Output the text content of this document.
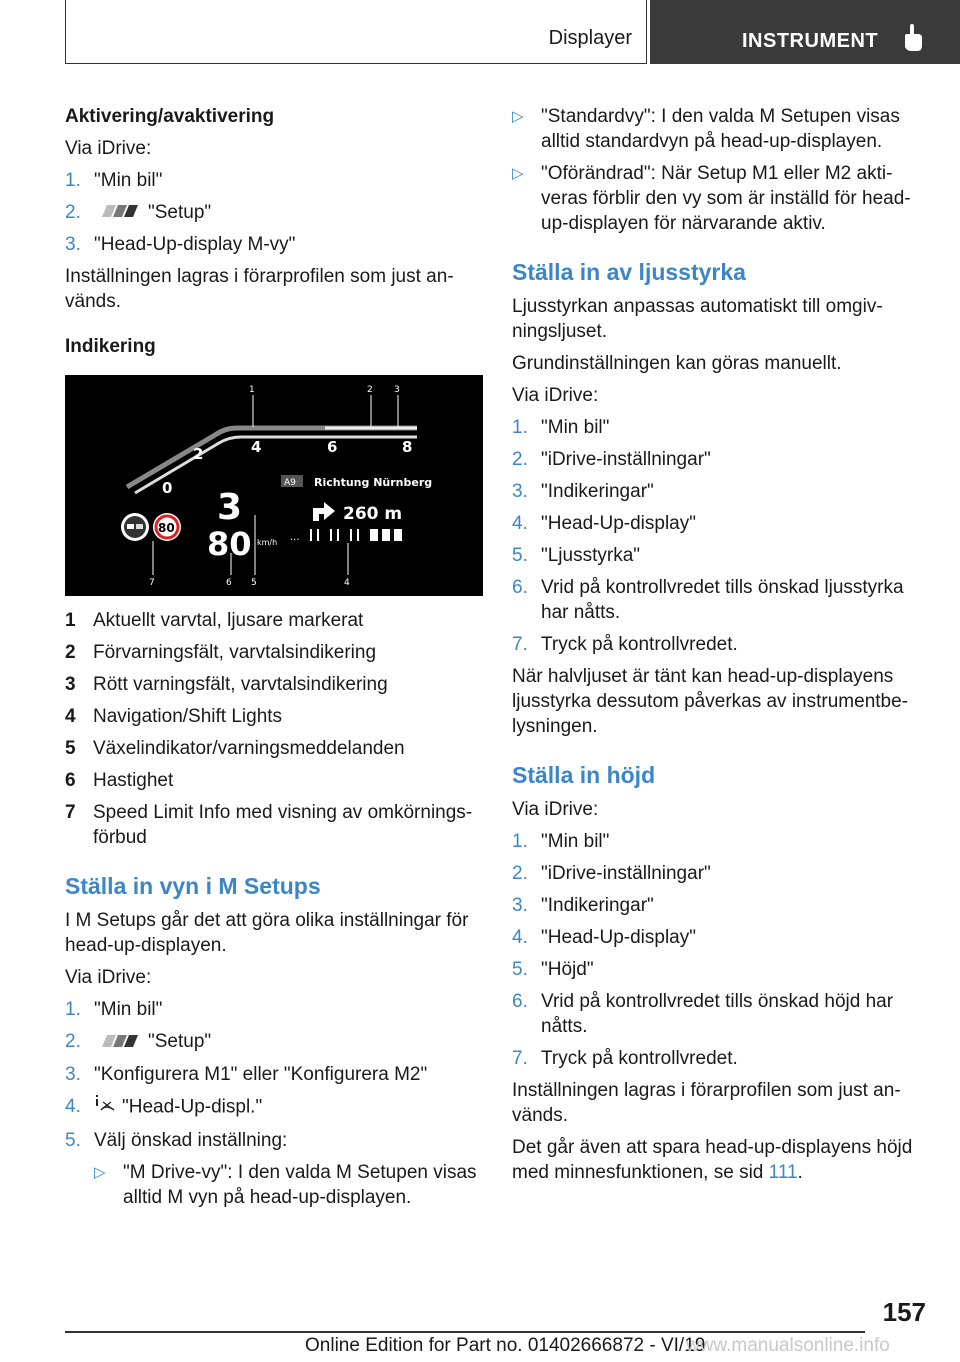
Displayer	INSTRUMENT

Aktivering/avaktivering

Via iDrive:

1. "Min bil"
2.	"Setup"
3. "Head-Up-display M-vy"

Inställningen lagras i förarprofilen som just används.

Indikering

0
2	4	6	8
1	2 3
3
80 km/h
80
A9 Richtung Nürnberg
260 m
...
7	6 5	4
1 Aktuellt varvtal, ljusare markerat
2 Förvarningsfält, varvtalsindikering
3 Rött varningsfält, varvtalsindikering
4 Navigation/Shift Lights
5 Växelindikator/varningsmeddelanden
6 Hastighet
7 Speed Limit Info med visning av omkörningsförbud
Ställa in vyn i M Setups

I M Setups går det att göra olika inställningar för head-up-displayen.

Via iDrive:

1. "Min bil"
2.	"Setup"
3. "Konfigurera M1" eller "Konfigurera M2"
4. "Head-Up-displ."
5. Välj önskad inställning:
▷ "M Drive-vy": I den valda M Setupen visas alltid M vyn på head-up-displayen.
▷ "Standardvy": I den valda M Setupen visas alltid standardvyn på head-up-displayen.
▷ "Oförändrad": När Setup M1 eller M2 aktiveras förblir den vy som är inställd för head-up-displayen för närvarande aktiv.
Ställa in av ljusstyrka

Ljusstyrkan anpassas automatiskt till omgivningsljuset.

Grundinställningen kan göras manuellt.

Via iDrive:

1. "Min bil"
2. "iDrive-inställningar"
3. "Indikeringar"
4. "Head-Up-display"
5. "Ljusstyrka"
6. Vrid på kontrollvredet tills önskad ljusstyrka har nåtts.
7. Tryck på kontrollvredet.

När halvljuset är tänt kan head-up-displayens ljusstyrka dessutom påverkas av instrumentbelysningen.

Ställa in höjd

Via iDrive:

1. "Min bil"
2. "iDrive-inställningar"
3. "Indikeringar"
4. "Head-Up-display"
5. "Höjd"
6. Vrid på kontrollvredet tills önskad höjd har nåtts.
7. Tryck på kontrollvredet.

Inställningen lagras i förarprofilen som just används.

Det går även att spara head-up-displayens höjd med minnesfunktionen, se sid 111.

157
Online Edition for Part no. 01402666872 - VI/19
www.manualsonline.info
